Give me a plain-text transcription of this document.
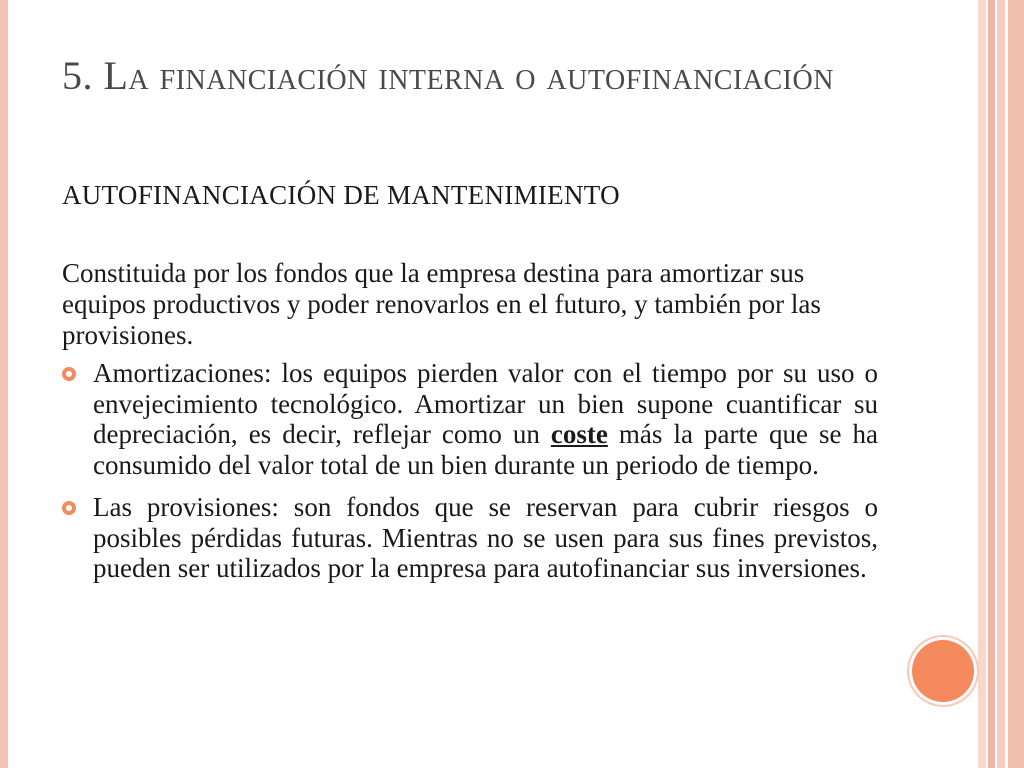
5. La financiación interna o autofinanciación
AUTOFINANCIACIÓN DE MANTENIMIENTO
Constituida por los fondos que la empresa destina para amortizar sus equipos productivos y poder renovarlos en el futuro, y también por las provisiones.
Amortizaciones: los equipos pierden valor con el tiempo por su uso o envejecimiento tecnológico. Amortizar un bien supone cuantificar su depreciación, es decir, reflejar como un coste más la parte que se ha consumido del valor total de un bien durante un periodo de tiempo.
Las provisiones: son fondos que se reservan para cubrir riesgos o posibles pérdidas futuras. Mientras no se usen para sus fines previstos, pueden ser utilizados por la empresa para autofinanciar sus inversiones.
